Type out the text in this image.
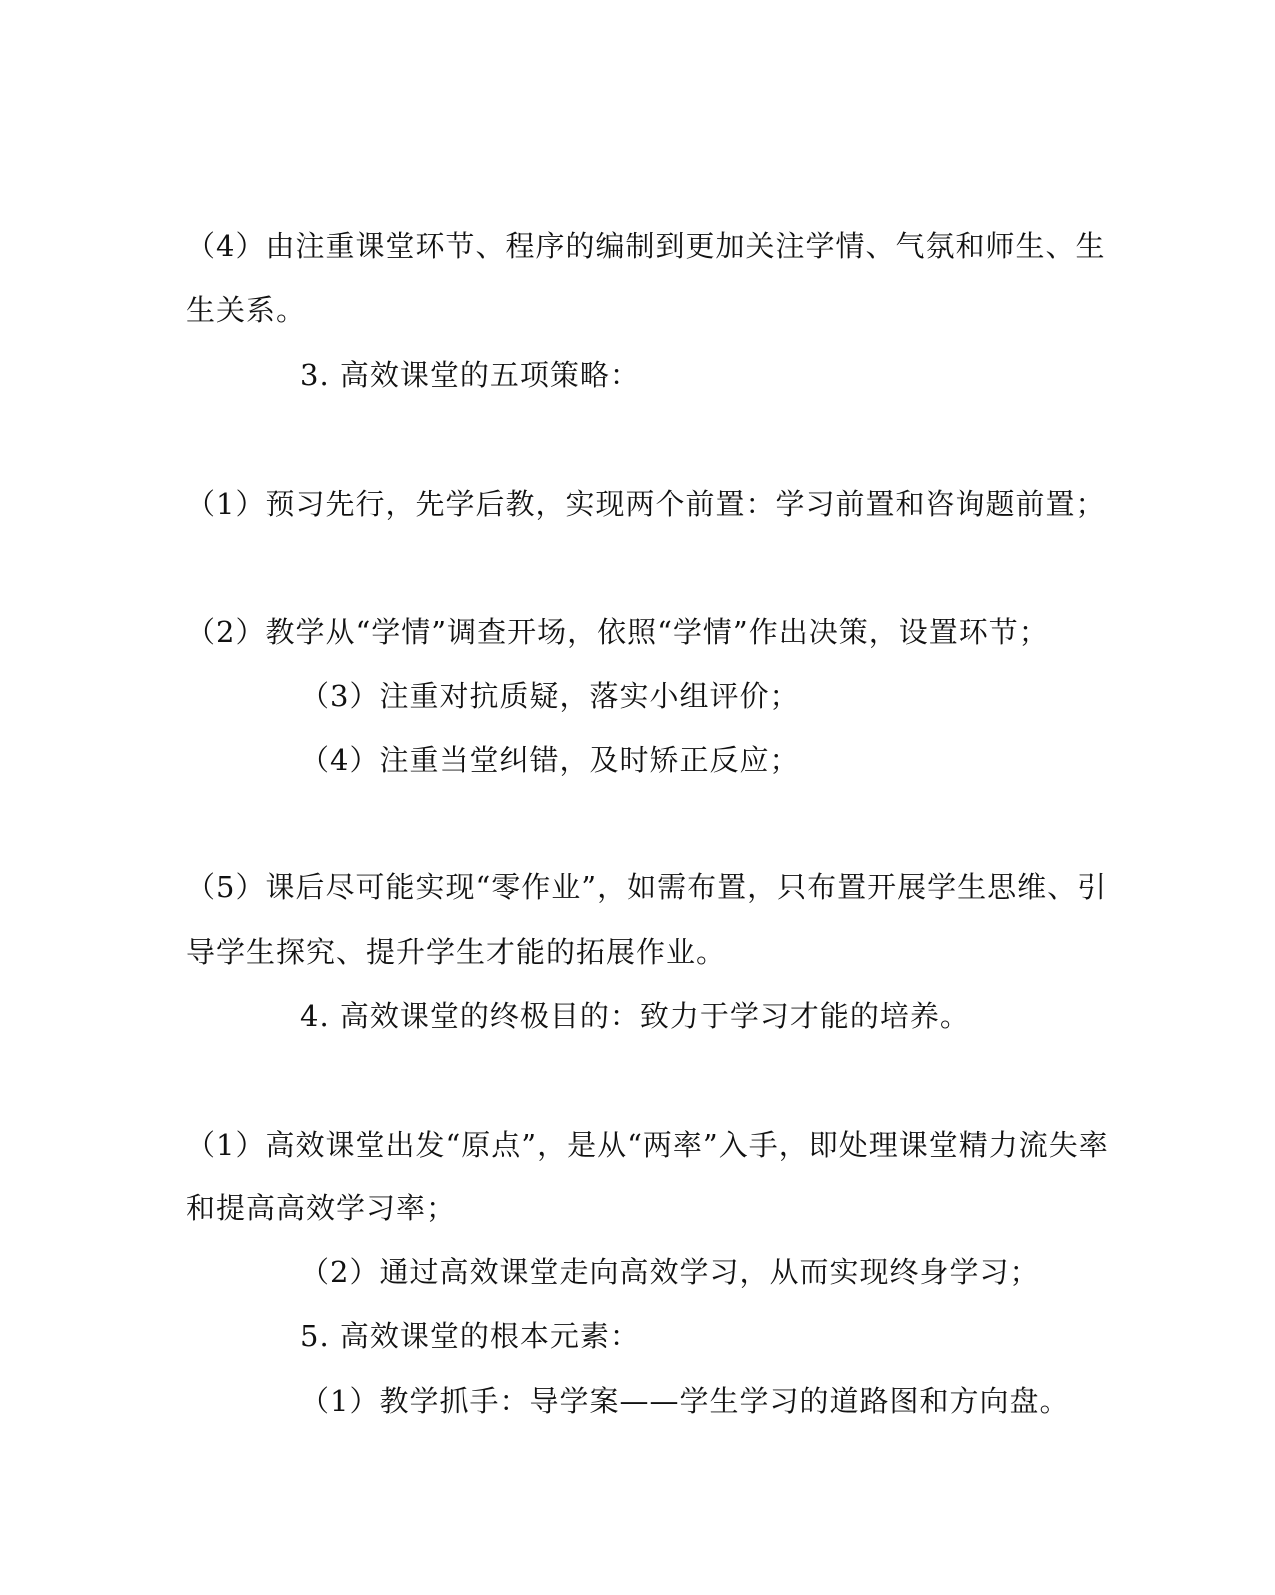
（4）由注重课堂环节、程序的编制到更加关注学情、气氛和师生、生
生关系。
3. 高效课堂的五项策略：
（1）预习先行，先学后教，实现两个前置：学习前置和咨询题前置；
（2）教学从“学情”调查开场，依照“学情”作出决策，设置环节；
（3）注重对抗质疑，落实小组评价；
（4）注重当堂纠错，及时矫正反应；
（5）课后尽可能实现“零作业”，如需布置，只布置开展学生思维、引
导学生探究、提升学生才能的拓展作业。
4. 高效课堂的终极目的：致力于学习才能的培养。
（1）高效课堂出发“原点”，是从“两率”入手，即处理课堂精力流失率
和提高高效学习率；
（2）通过高效课堂走向高效学习，从而实现终身学习；
5. 高效课堂的根本元素：
（1）教学抓手：导学案——学生学习的道路图和方向盘。
